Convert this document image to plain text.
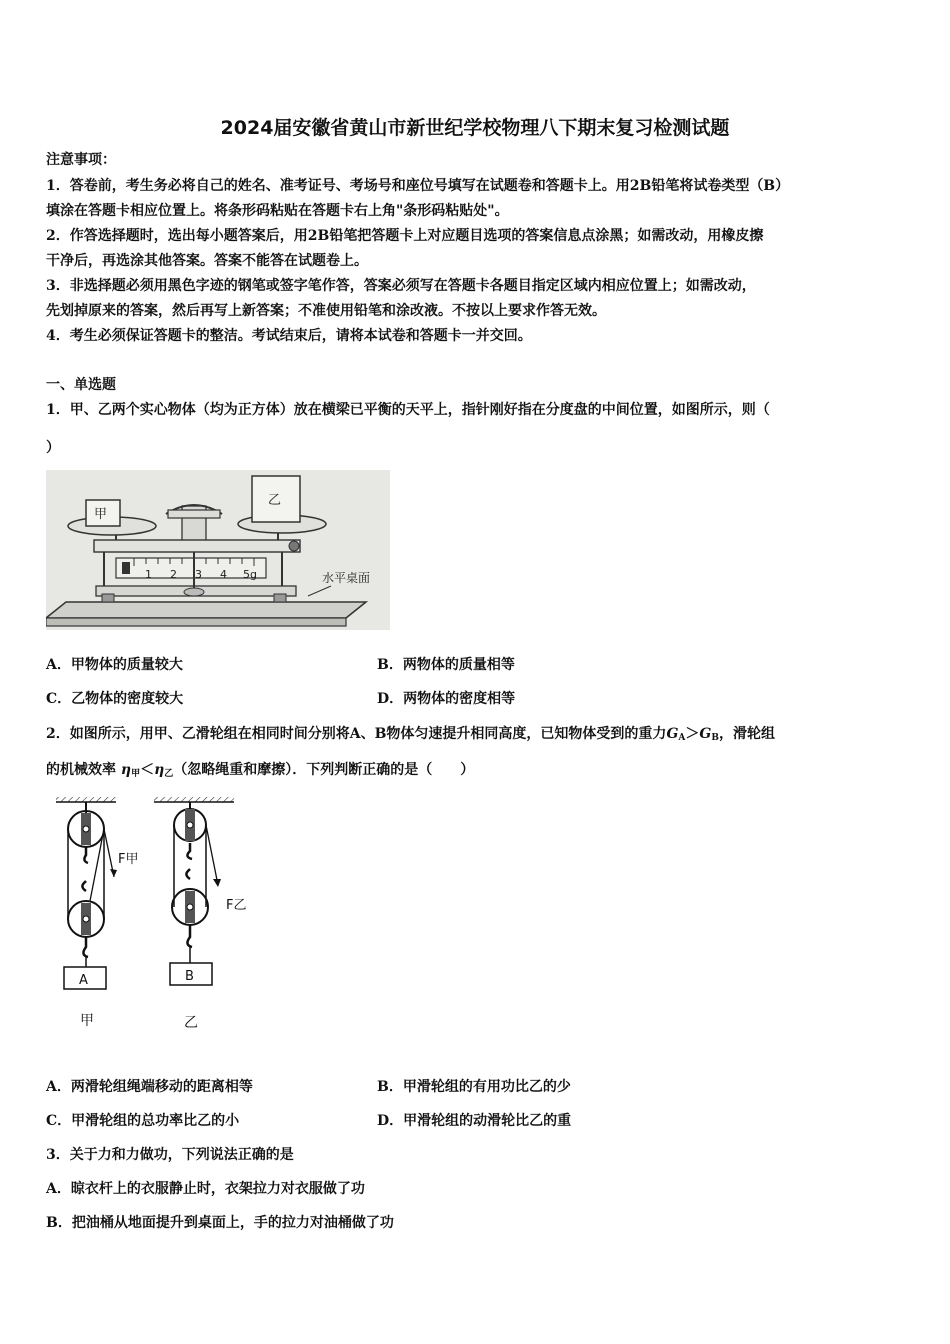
2024届安徽省黄山市新世纪学校物理八下期末复习检测试题
注意事项：
1．答卷前，考生务必将自己的姓名、准考证号、考场号和座位号填写在试题卷和答题卡上。用2B铅笔将试卷类型（B）
填涂在答题卡相应位置上。将条形码粘贴在答题卡右上角"条形码粘贴处"。
2．作答选择题时，选出每小题答案后，用2B铅笔把答题卡上对应题目选项的答案信息点涂黑；如需改动，用橡皮擦
干净后，再选涂其他答案。答案不能答在试题卷上。
3．非选择题必须用黑色字迹的钢笔或签字笔作答，答案必须写在答题卡各题目指定区域内相应位置上；如需改动，
先划掉原来的答案，然后再写上新答案；不准使用铅笔和涂改液。不按以上要求作答无效。
4．考生必须保证答题卡的整洁。考试结束后，请将本试卷和答题卡一并交回。
一、单选题
1．甲、乙两个实心物体（均为正方体）放在横梁已平衡的天平上，指针刚好指在分度盘的中间位置，如图所示，则（
）
水平桌面
1 2 3 4 5g
甲
乙
A．甲物体的质量较大	B．两物体的质量相等
C．乙物体的密度较大	D．两物体的密度相等
2．如图所示，用甲、乙滑轮组在相同时间分别将A、B物体匀速提升相同高度，已知物体受到的重力$G_A>G_B$，滑轮组
的机械效率 $\eta_甲<\eta_乙$（忽略绳重和摩擦）．下列判断正确的是（　　）
F甲
A
甲
F乙
B
乙
A．两滑轮组绳端移动的距离相等	B．甲滑轮组的有用功比乙的少
C．甲滑轮组的总功率比乙的小	D．甲滑轮组的动滑轮比乙的重
3．关于力和力做功，下列说法正确的是
A．晾衣杆上的衣服静止时，衣架拉力对衣服做了功
B．把油桶从地面提升到桌面上，手的拉力对油桶做了功
